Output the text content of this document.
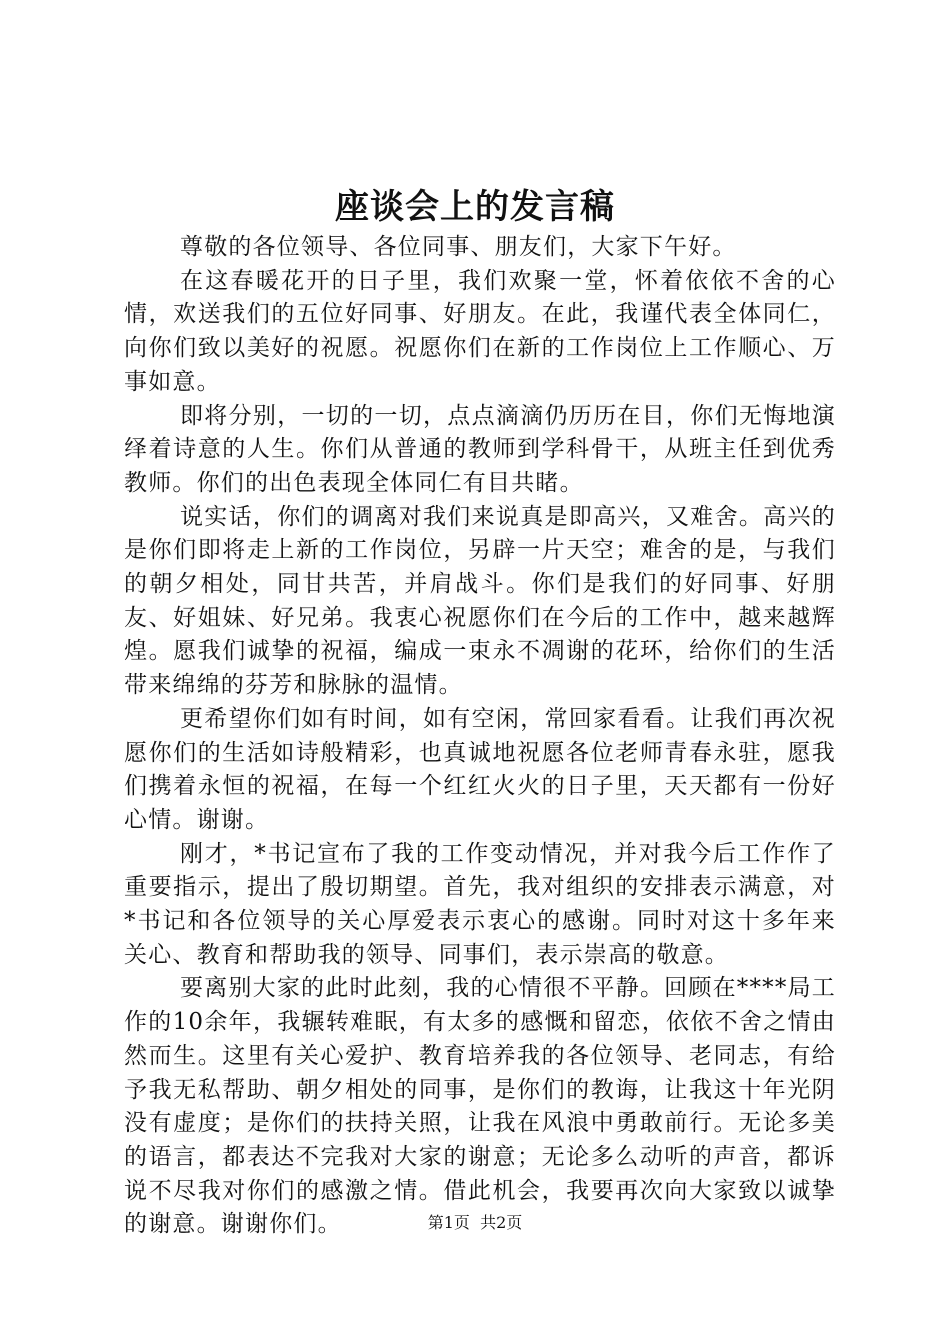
座谈会上的发言稿

尊敬的各位领导、各位同事、朋友们，大家下午好。

在这春暖花开的日子里，我们欢聚一堂，怀着依依不舍的心情，欢送我们的五位好同事、好朋友。在此，我谨代表全体同仁，向你们致以美好的祝愿。祝愿你们在新的工作岗位上工作顺心、万事如意。

即将分别，一切的一切，点点滴滴仍历历在目，你们无悔地演绎着诗意的人生。你们从普通的教师到学科骨干，从班主任到优秀教师。你们的出色表现全体同仁有目共睹。

说实话，你们的调离对我们来说真是即高兴，又难舍。高兴的是你们即将走上新的工作岗位，另辟一片天空；难舍的是，与我们的朝夕相处，同甘共苦，并肩战斗。你们是我们的好同事、好朋友、好姐妹、好兄弟。我衷心祝愿你们在今后的工作中，越来越辉煌。愿我们诚挚的祝福，编成一束永不凋谢的花环，给你们的生活带来绵绵的芬芳和脉脉的温情。

更希望你们如有时间，如有空闲，常回家看看。让我们再次祝愿你们的生活如诗般精彩，也真诚地祝愿各位老师青春永驻，愿我们携着永恒的祝福，在每一个红红火火的日子里，天天都有一份好心情。谢谢。

刚才，*书记宣布了我的工作变动情况，并对我今后工作作了重要指示，提出了殷切期望。首先，我对组织的安排表示满意，对*书记和各位领导的关心厚爱表示衷心的感谢。同时对这十多年来关心、教育和帮助我的领导、同事们，表示崇高的敬意。

要离别大家的此时此刻，我的心情很不平静。回顾在****局工作的10余年，我辗转难眠，有太多的感慨和留恋，依依不舍之情由然而生。这里有关心爱护、教育培养我的各位领导、老同志，有给予我无私帮助、朝夕相处的同事，是你们的教诲，让我这十年光阴没有虚度；是你们的扶持关照，让我在风浪中勇敢前行。无论多美的语言，都表达不完我对大家的谢意；无论多么动听的声音，都诉说不尽我对你们的感激之情。借此机会，我要再次向大家致以诚挚的谢意。谢谢你们。	第1页 共2页
